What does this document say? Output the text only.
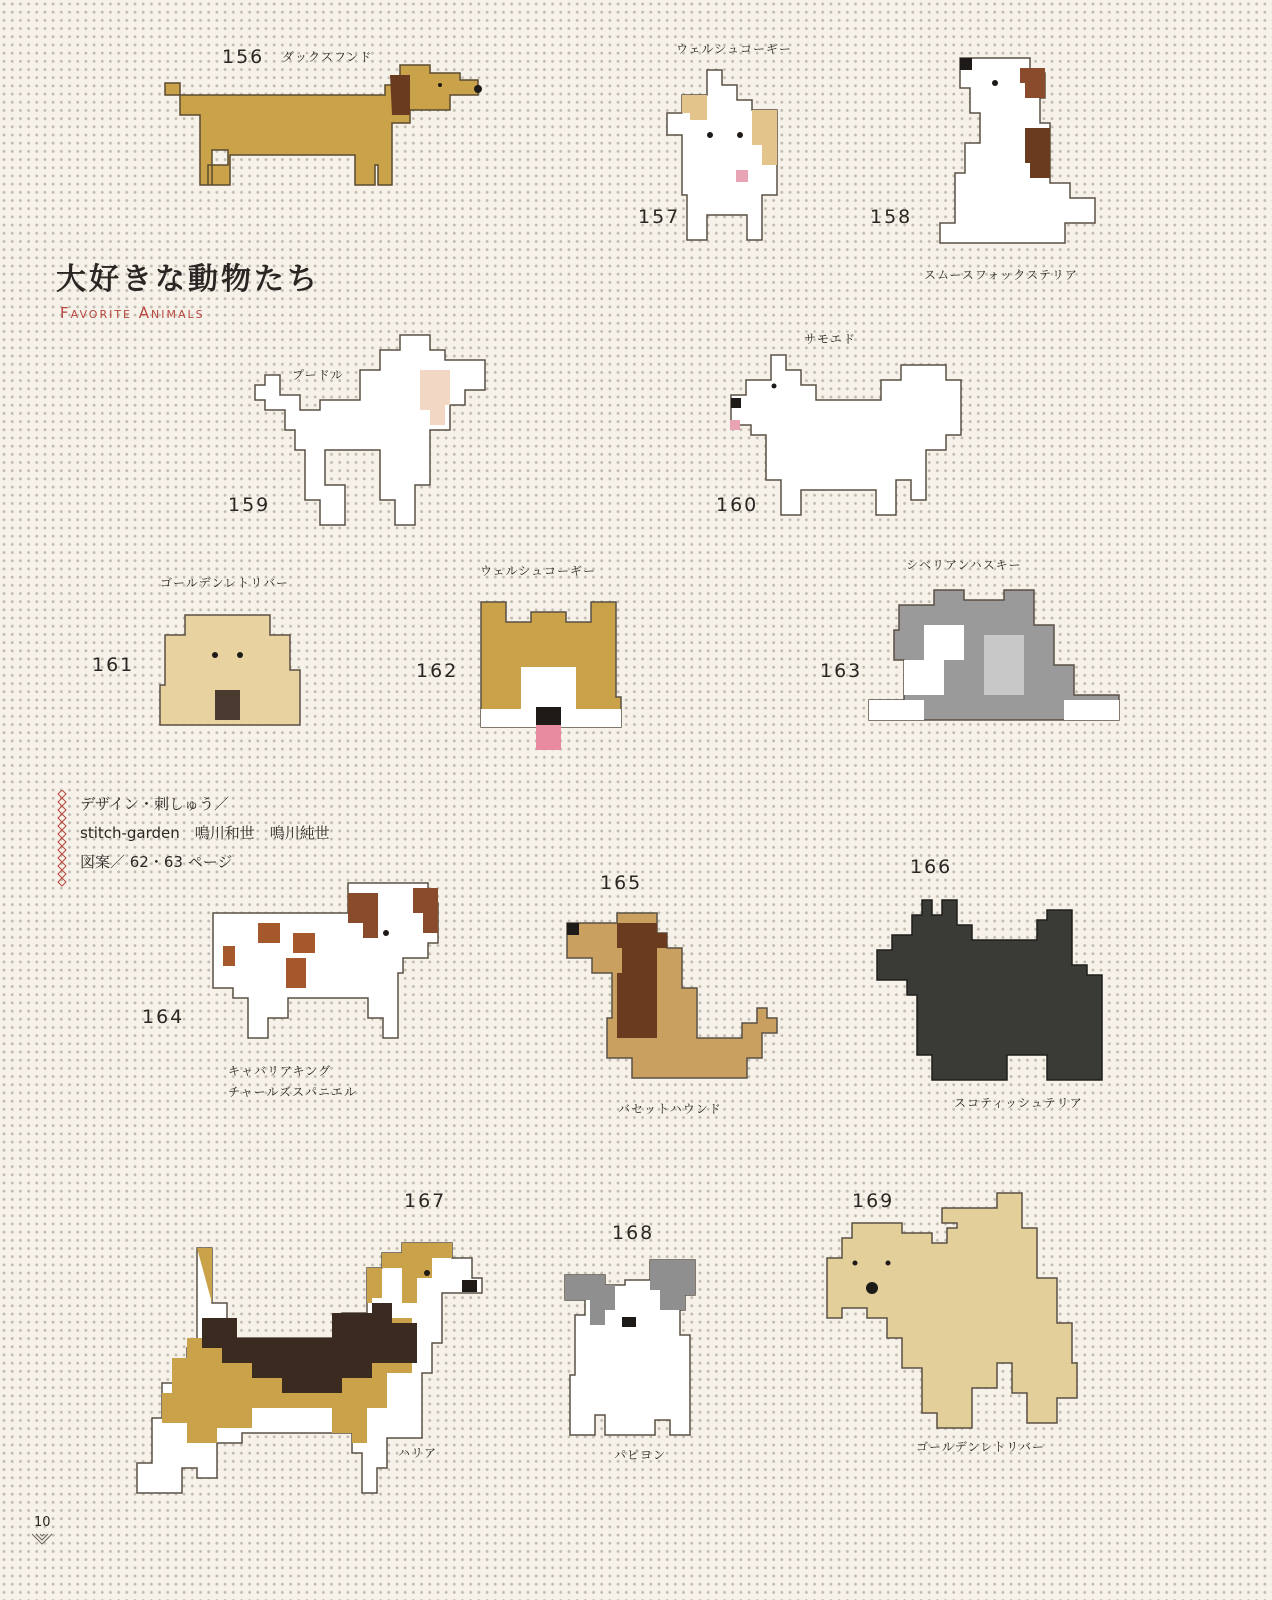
大好きな動物たち
Favorite Animals
156 ダックスフンド
ウェルシュコーギー
157	158
スムースフォックステリア
プードル
159
サモエド
160
ゴールデンレトリバー
161
ウェルシュコーギー
162
シベリアンハスキー
163
デザイン・刺しゅう／
stitch-garden　鳴川和世　鳴川純世
図案／ 62・63 ページ
164
キャバリアキング
チャールズスパニエル
165
バセットハウンド
166
スコティッシュテリア
167
ハリア
168
パピヨン
169
ゴールデンレトリバー
10
